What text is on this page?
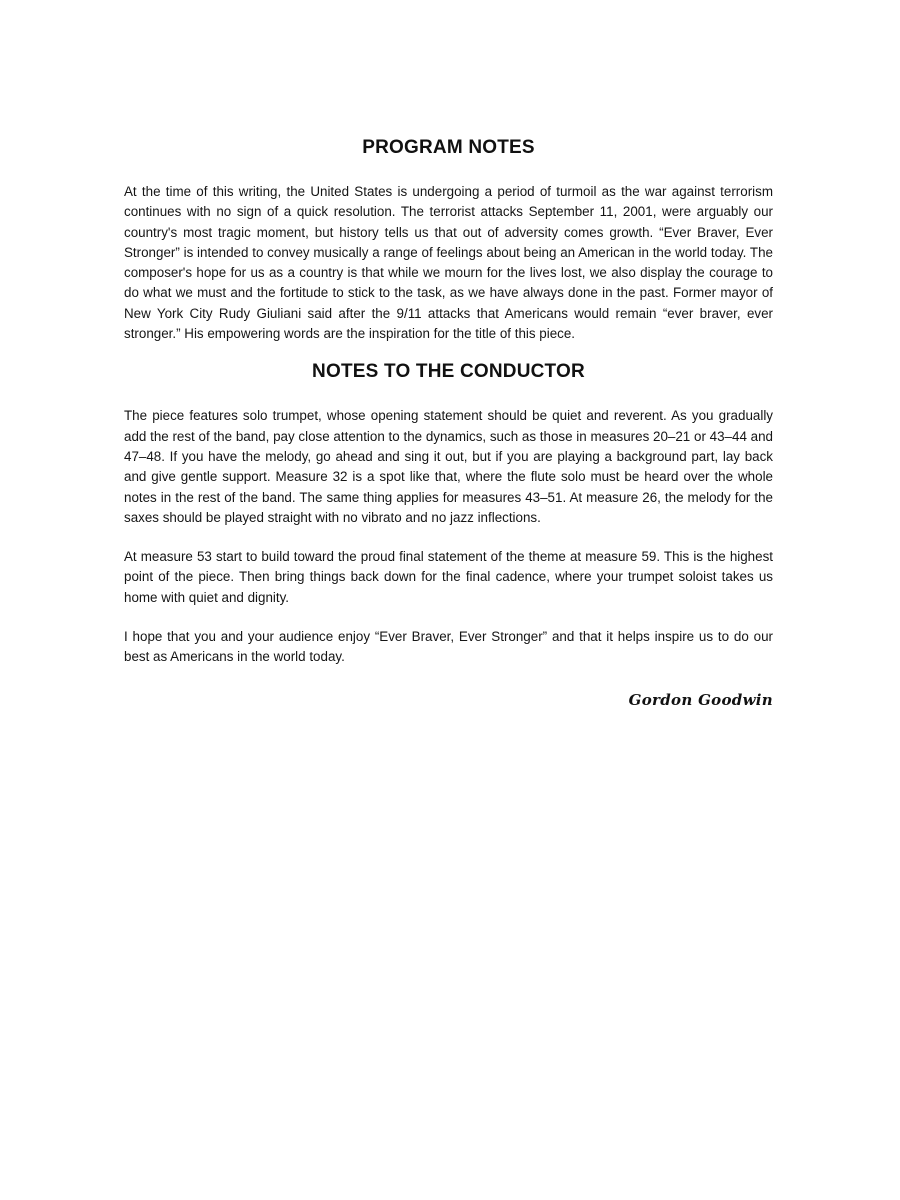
PROGRAM NOTES

At the time of this writing, the United States is undergoing a period of turmoil as the war against terrorism continues with no sign of a quick resolution. The terrorist attacks September 11, 2001, were arguably our country's most tragic moment, but history tells us that out of adversity comes growth. “Ever Braver, Ever Stronger” is intended to convey musically a range of feelings about being an American in the world today. The composer's hope for us as a country is that while we mourn for the lives lost, we also display the courage to do what we must and the fortitude to stick to the task, as we have always done in the past. Former mayor of New York City Rudy Giuliani said after the 9/11 attacks that Americans would remain “ever braver, ever stronger.” His empowering words are the inspiration for the title of this piece.

NOTES TO THE CONDUCTOR

The piece features solo trumpet, whose opening statement should be quiet and reverent. As you gradually add the rest of the band, pay close attention to the dynamics, such as those in measures 20–21 or 43–44 and 47–48. If you have the melody, go ahead and sing it out, but if you are playing a background part, lay back and give gentle support. Measure 32 is a spot like that, where the flute solo must be heard over the whole notes in the rest of the band. The same thing applies for measures 43–51. At measure 26, the melody for the saxes should be played straight with no vibrato and no jazz inflections.

At measure 53 start to build toward the proud final statement of the theme at measure 59. This is the highest point of the piece. Then bring things back down for the final cadence, where your trumpet soloist takes us home with quiet and dignity.

I hope that you and your audience enjoy “Ever Braver, Ever Stronger” and that it helps inspire us to do our best as Americans in the world today.

Gordon Goodwin
